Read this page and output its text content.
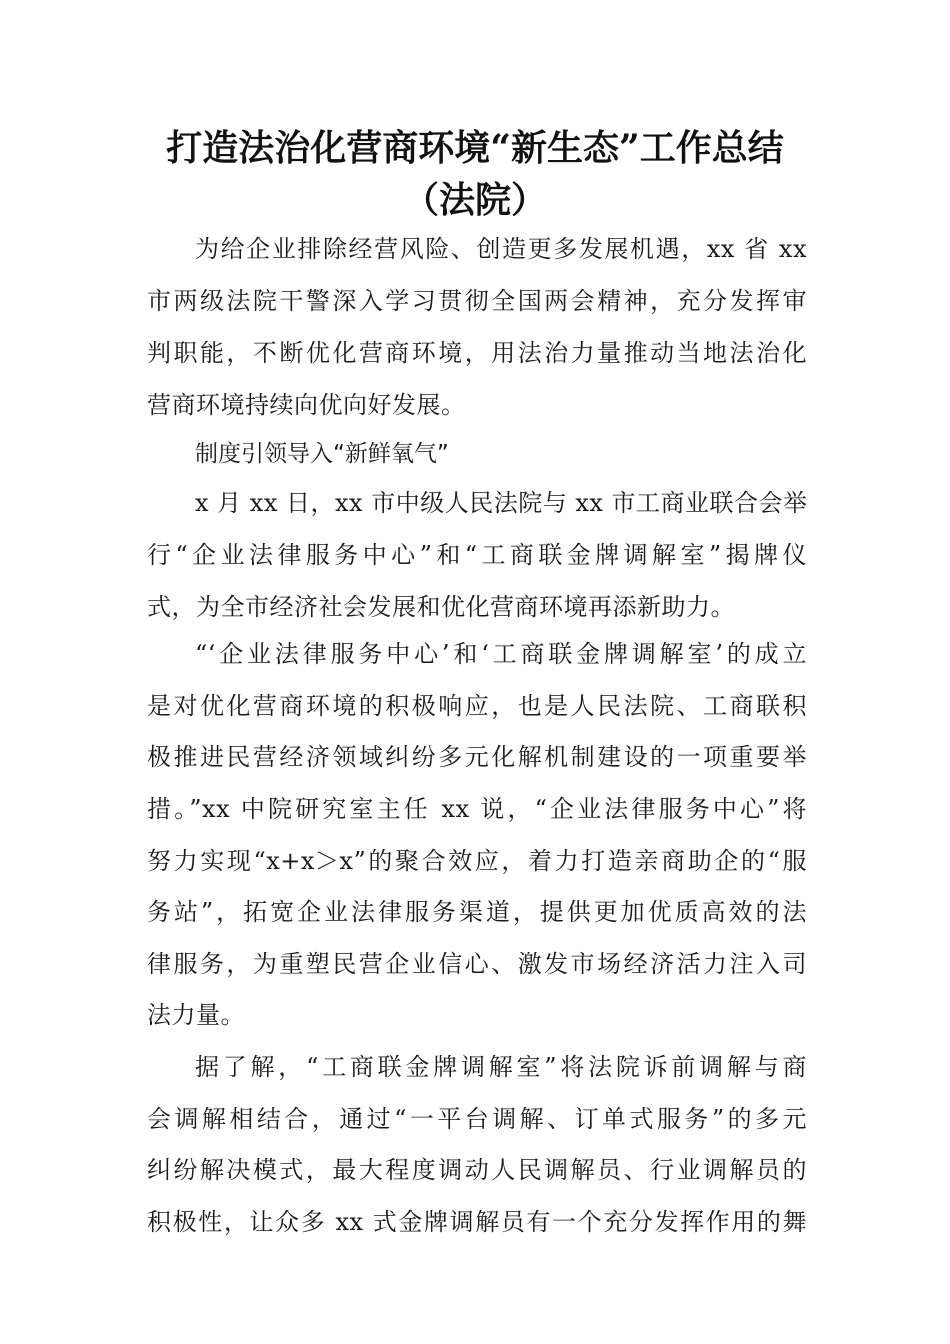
打造法治化营商环境“新生态”工作总结
（法院）
为给企业排除经营风险、创造更多发展机遇，xx 省 xx
市两级法院干警深入学习贯彻全国两会精神，充分发挥审
判职能，不断优化营商环境，用法治力量推动当地法治化
营商环境持续向优向好发展。
制度引领导入“新鲜氧气”
x 月 xx 日，xx 市中级人民法院与 xx 市工商业联合会举
行“企业法律服务中心”和“工商联金牌调解室”揭牌仪
式，为全市经济社会发展和优化营商环境再添新助力。
“‘企业法律服务中心’和‘工商联金牌调解室’的成立
是对优化营商环境的积极响应，也是人民法院、工商联积
极推进民营经济领域纠纷多元化解机制建设的一项重要举
措。”xx 中院研究室主任 xx 说，“企业法律服务中心”将
努力实现“x+x＞x”的聚合效应，着力打造亲商助企的“服
务站”，拓宽企业法律服务渠道，提供更加优质高效的法
律服务，为重塑民营企业信心、激发市场经济活力注入司
法力量。
据了解，“工商联金牌调解室”将法院诉前调解与商
会调解相结合，通过“一平台调解、订单式服务”的多元
纠纷解决模式，最大程度调动人民调解员、行业调解员的
积极性，让众多 xx 式金牌调解员有一个充分发挥作用的舞
